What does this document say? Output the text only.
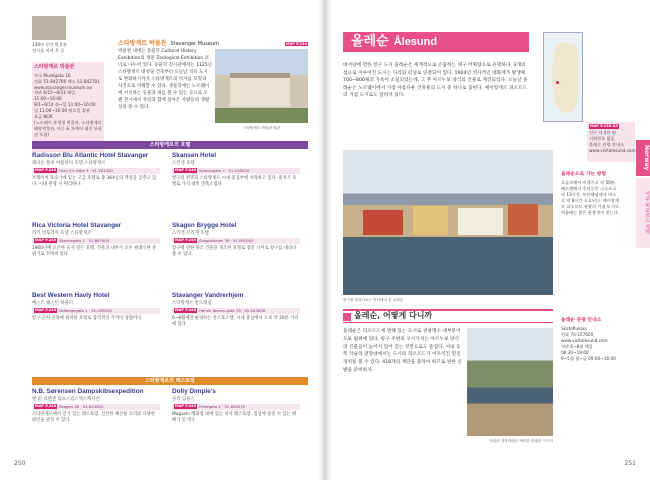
130년 동안 박물관 전시를 이어 온 곳
스타방게르 박물관
주소 Muségata 16
전화 51-842700 팩스 51-842701
www.stavanger.museum.no
개관 6/15~8/31 매일 11:00~16:00
9/1~6/14 화~일 11:00~16:00
일 11:00~16:00 월요일 휴관
요금 NOK
(노르웨이 통계청 박물관, 스타방게르 해양박물관, 아동 & 차예어 대중 통합권 포함)
스타방게르 박물관 Stavanger Museum	MAP P.249
박물관 내에는 동물학 Cultural History Exhibition의 생물 Zoological Exhibition 코너로 나누어 있다. 동물학 전시관에서는 1125년 스타방게르 대성당 건축부터 오늘날 석유 도시로 변화하기까지 스타방게르의 역사를 모형과 사진으로 이해할 수 있다. 생물학에는 노르웨이에 서식하는 동물과 새를 볼 수 있는 곳으로 오랜 전시에서 자연과 함께 살아온 사람들의 생활상을 볼 수 있다.
스타방게르 박물관 외관
스타방게르의 호텔
Radisson Blu Atlantic Hotel Stavanger
래디슨 블루 아틀란틱 호텔 스타방게르
MAP P.249 Olav V's Gate 3 · 51-761000
브레이어 호숫가에 있는 고급 호텔로 총 364실의 객실을 갖추고 있다. 시내 관광 시 편리하다.
Skansen Hotel
스칸센 호텔
MAP P.249 Skansegata 7 · 51-938500
항구의 전망과 스타방게르 시내 중심부에 자리하고 있다. 중저가 호텔로 가격 대비 만족스럽다.
Rica Victoria Hotel Stavanger
리카 빅토리아 호텔 스타방게르
MAP P.249 Skansegata 1 · 51-867000
1900년에 오픈한 유서 깊은 호텔. 건물과 내부가 모두 클래식한 분위기로 꾸며져 있다.
Skagen Brygge Hotel
스카겐 브리게 호텔
MAP P.249 Skagenkaien 30 · 51-850000
항구에 면한 목조 건물을 개조한 호텔로 창문 너머로 항구를 내려다볼 수 있다.
Best Western Havly Hotel
베스트 웨스턴 하블리
MAP P.249 Valbergsgata 1 · 51-939000
항구 근처 골목에 위치한 호텔로 합리적인 가격이 장점이다.
Stavanger Vandrerhjem
스타방게르 반드레임
MAP P.248 Henrik Ibsens gate 19 · 51-543636
6~8월에만 운영하는 유스호스텔. 시내 중심에서 도보 약 20분 거리에 있다.
스타방게르의 레스토랑
N.B. Sørensen Dampskibsexpedition
엔 비 쇠렌센 담프스킵스엑스페디숀
MAP P.249 Skagen 26 · 51-843820
스타방게르에서 인기 있는 레스토랑. 신선한 해산물 요리와 다양한 와인을 즐길 수 있다.
Dolly Dimple's
돌리 딤플스
MAP P.249 Kirkegata 2 · 51-856070
Magasin 백화점 내에 있는 피자 레스토랑. 점심에 즐길 수 있는 뷔페가 인기다.
250
올레순 Ålesund
대서양에 면한 항구 도시 올레순은 세계적으로 손꼽히는 대구 어획량으로 유명하다. 3개의 섬으로 이루어진 도시는 다리와 터널로 연결되어 있다. 1904년 역사적인 대화재가 발생해 700~800채의 가옥이 소실되었는데, 그 후 아르누보 양식의 건물로 재건되었다. 오늘날 올레순은 노르웨이에서 가장 아름다운 건축물의 도시 중 하나로 꼽힌다. 예이랑게르 피오르드의 거점 도시로도 알려져 있다.
MAP P.158-A3
인구 약 4만 명
지역번호 없음
올레순 관광 안내소
www.visitalesund.com	Norway
서부 피오르드 지역
항구를 내려다보는 언덕에서 본 올레순
올레순으로 가는 방법
오슬로에서 비행기로 약 50분. 베르겐에서 후티루튼 크루즈로 약 13시간, 트론헤임에서 버스로 약 8시간 소요된다. 예이랑게르 피오르드 관광의 거점 도시로 여름에는 많은 관광객이 찾는다.
올레순 관광 안내소
Skateflukaia
전화 70-157600
www.visitalesund.com
개관 6~8월 매일 08:30~19:00
9~5월 월~금 09:00~16:00
올레순, 어떻게 다니까
올레순은 피오르드에 면해 있는 도시로 관광명소 대부분이 도보 범위에 있다. 항구 주변의 구시가지는 아르누보 양식의 건물들이 늘어서 있어 걷는 것만으로도 즐겁다. 시내 동쪽 악슬라 전망대에서는 도시와 피오르드가 어우러진 멋진 경치를 볼 수 있다. 418개의 계단을 올라야 하므로 편한 신발을 준비하자.
악슬라 전망대에서 바라본 올레순 시가지
251
